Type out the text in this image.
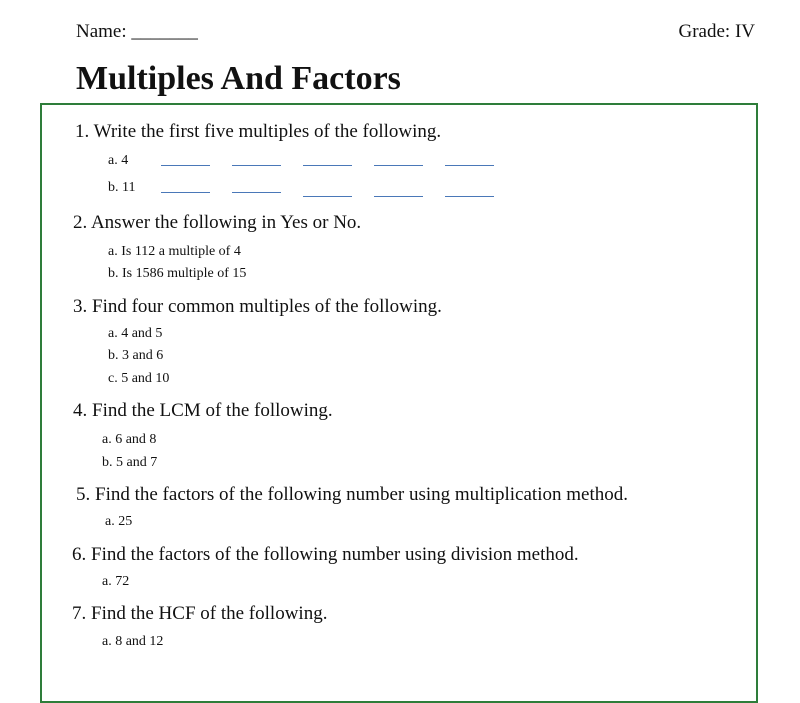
Name: _______	Grade: IV
Multiples And Factors
1. Write the first five multiples of the following.
a. 4
b. 11
2. Answer the following in Yes or No.
a. Is 112 a multiple of 4
b. Is 1586 multiple of 15
3. Find four common multiples of the following.
a. 4 and 5
b. 3 and 6
c. 5 and 10
4. Find the LCM of the following.
a. 6 and 8
b. 5 and 7
5. Find the factors of the following number using multiplication method.
a. 25
6. Find the factors of the following number using division method.
a. 72
7. Find the HCF of the following.
a. 8 and 12
